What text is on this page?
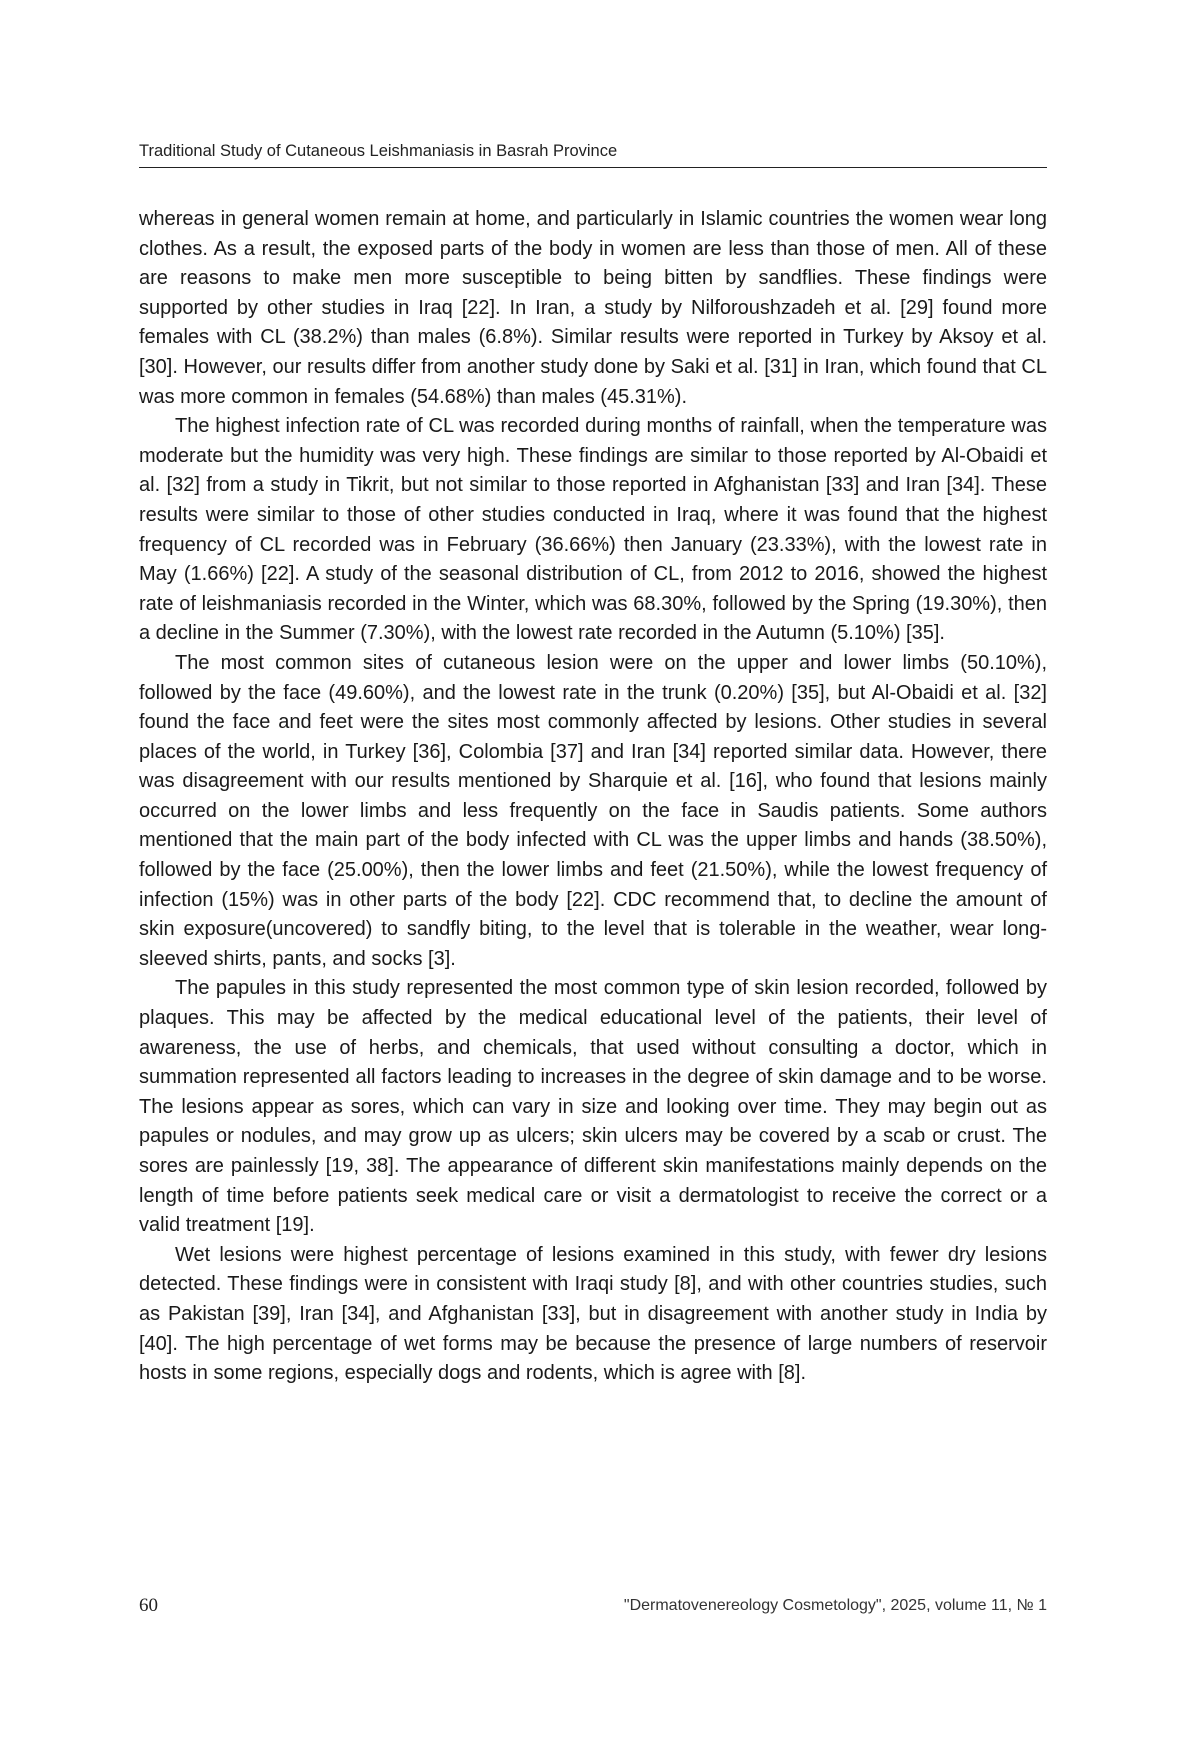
Traditional Study of Cutaneous Leishmaniasis in Basrah Province

whereas in general women remain at home, and particularly in Islamic countries the women wear long clothes. As a result, the exposed parts of the body in women are less than those of men. All of these are reasons to make men more susceptible to being bitten by sandflies. These findings were supported by other studies in Iraq [22]. In Iran, a study by Nilforoushzadeh et al. [29] found more females with CL (38.2%) than males (6.8%). Similar results were reported in Turkey by Aksoy et al. [30]. However, our results differ from another study done by Saki et al. [31] in Iran, which found that CL was more common in females (54.68%) than males (45.31%).

The highest infection rate of CL was recorded during months of rainfall, when the temperature was moderate but the humidity was very high. These findings are similar to those reported by Al-Obaidi et al. [32] from a study in Tikrit, but not similar to those reported in Afghanistan [33] and Iran [34]. These results were similar to those of other studies conducted in Iraq, where it was found that the highest frequency of CL recorded was in February (36.66%) then January (23.33%), with the lowest rate in May (1.66%) [22]. A study of the seasonal distribution of CL, from 2012 to 2016, showed the highest rate of leishmaniasis recorded in the Winter, which was 68.30%, followed by the Spring (19.30%), then a decline in the Summer (7.30%), with the lowest rate recorded in the Autumn (5.10%) [35].

The most common sites of cutaneous lesion were on the upper and lower limbs (50.10%), followed by the face (49.60%), and the lowest rate in the trunk (0.20%) [35], but Al-Obaidi et al. [32] found the face and feet were the sites most commonly affected by lesions. Other studies in several places of the world, in Turkey [36], Colombia [37] and Iran [34] reported similar data. However, there was disagreement with our results mentioned by Sharquie et al. [16], who found that lesions mainly occurred on the lower limbs and less frequently on the face in Saudis patients. Some authors mentioned that the main part of the body infected with CL was the upper limbs and hands (38.50%), followed by the face (25.00%), then the lower limbs and feet (21.50%), while the lowest frequency of infection (15%) was in other parts of the body [22]. CDC recommend that, to decline the amount of skin exposure(uncovered) to sandfly biting, to the level that is tolerable in the weather, wear long-sleeved shirts, pants, and socks [3].

The papules in this study represented the most common type of skin lesion recorded, followed by plaques. This may be affected by the medical educational level of the patients, their level of awareness, the use of herbs, and chemicals, that used without consulting a doctor, which in summation represented all factors leading to increases in the degree of skin damage and to be worse. The lesions appear as sores, which can vary in size and looking over time. They may begin out as papules or nodules, and may grow up as ulcers; skin ulcers may be covered by a scab or crust. The sores are painlessly [19, 38]. The appearance of different skin manifestations mainly depends on the length of time before patients seek medical care or visit a dermatologist to receive the correct or a valid treatment [19].

Wet lesions were highest percentage of lesions examined in this study, with fewer dry lesions detected. These findings were in consistent with Iraqi study [8], and with other countries studies, such as Pakistan [39], Iran [34], and Afghanistan [33], but in disagreement with another study in India by [40]. The high percentage of wet forms may be because the presence of large numbers of reservoir hosts in some regions, especially dogs and rodents, which is agree with [8].

60	"Dermatovenereology Cosmetology", 2025, volume 11, № 1
